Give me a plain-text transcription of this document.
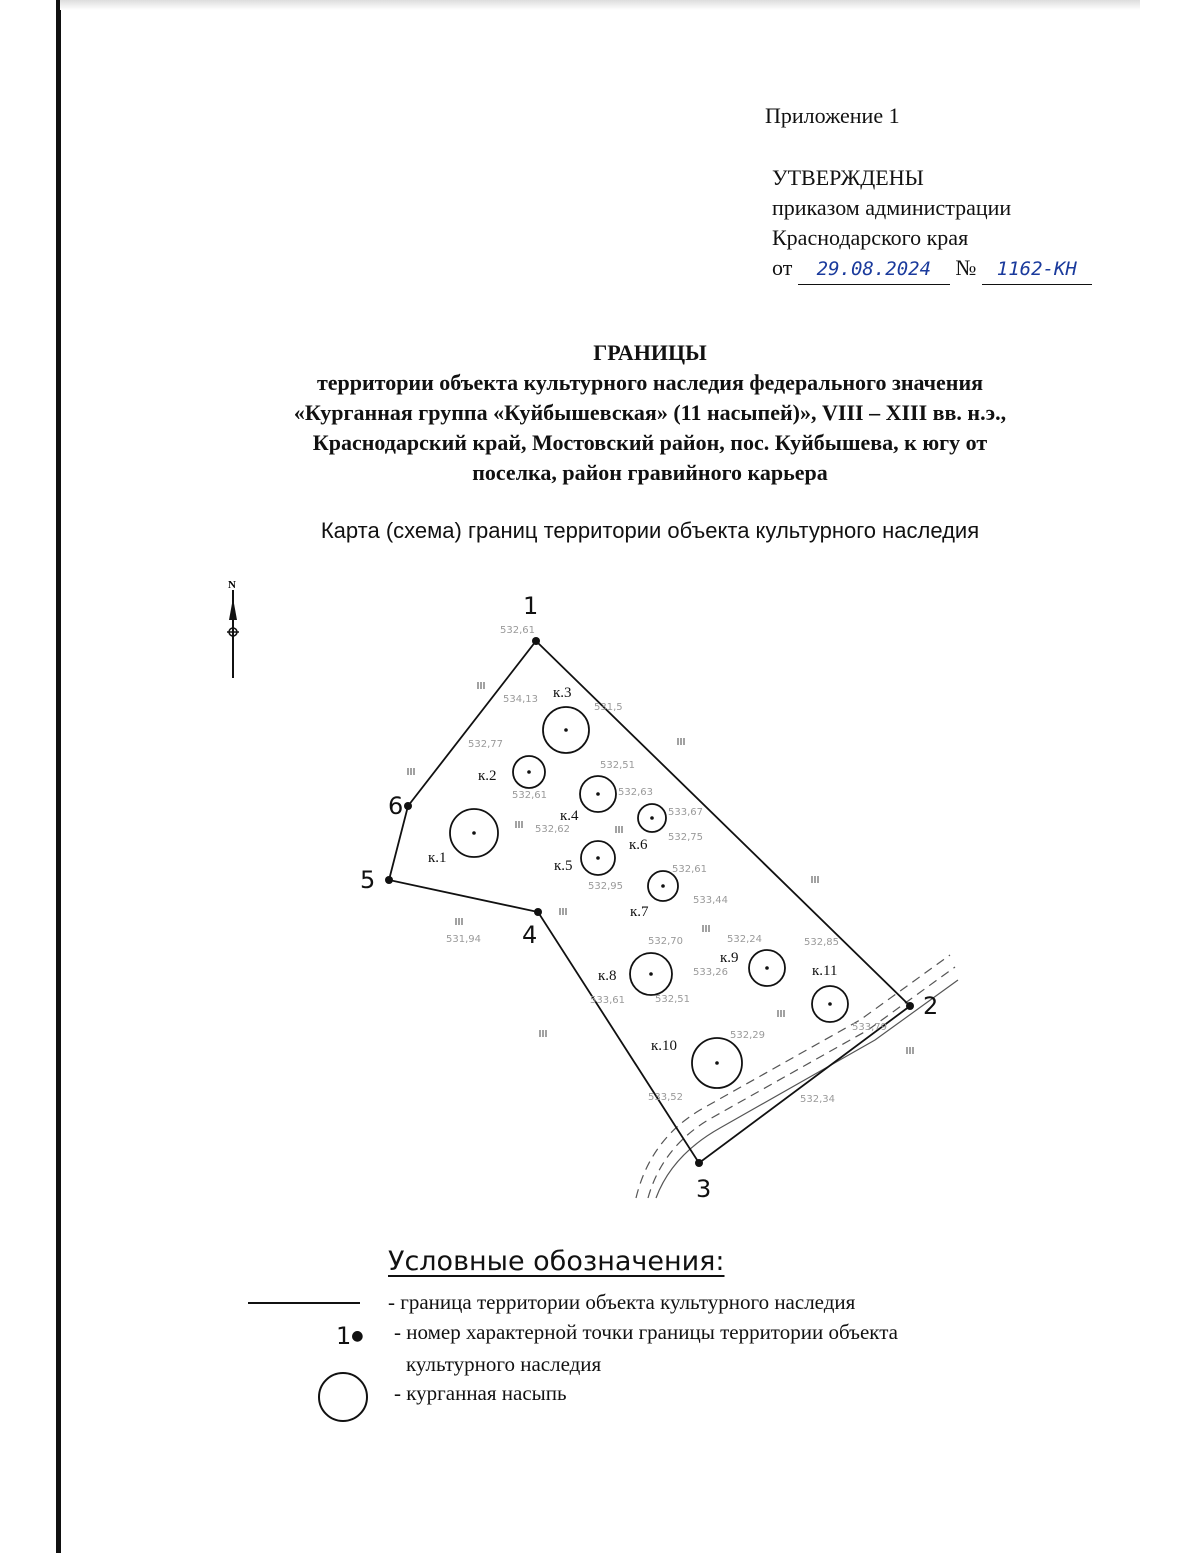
Приложение 1
УТВЕРЖДЕНЫ
приказом администрации
Краснодарского края
от 29.08.2024 № 1162-КН
ГРАНИЦЫ
территории объекта культурного наследия федерального значения
«Курганная группа «Куйбышевская» (11 насыпей)», VIII – XIII вв. н.э.,
Краснодарский край, Мостовский район, пос. Куйбышева, к югу от
поселка, район гравийного карьера
Карта (схема) границ территории объекта культурного наследия
N
1
2
3
4
5
6
к.1
к.2
к.3
к.4
к.5
к.6
к.7
к.8
к.9
к.10
к.11
532,61
534,13
531,5
532,77
532,51
532,61	532,63
533,67
532,62
532,75
532,61
532,95
533,44
531,94	532,70	532,24	532,85
533,26
533,61	532,51
532,29
533,52	532,34
533,79
Условные обозначения:
- граница территории объекта культурного наследия
1● - номер характерной точки границы территории объекта
культурного наследия
- курганная насыпь
